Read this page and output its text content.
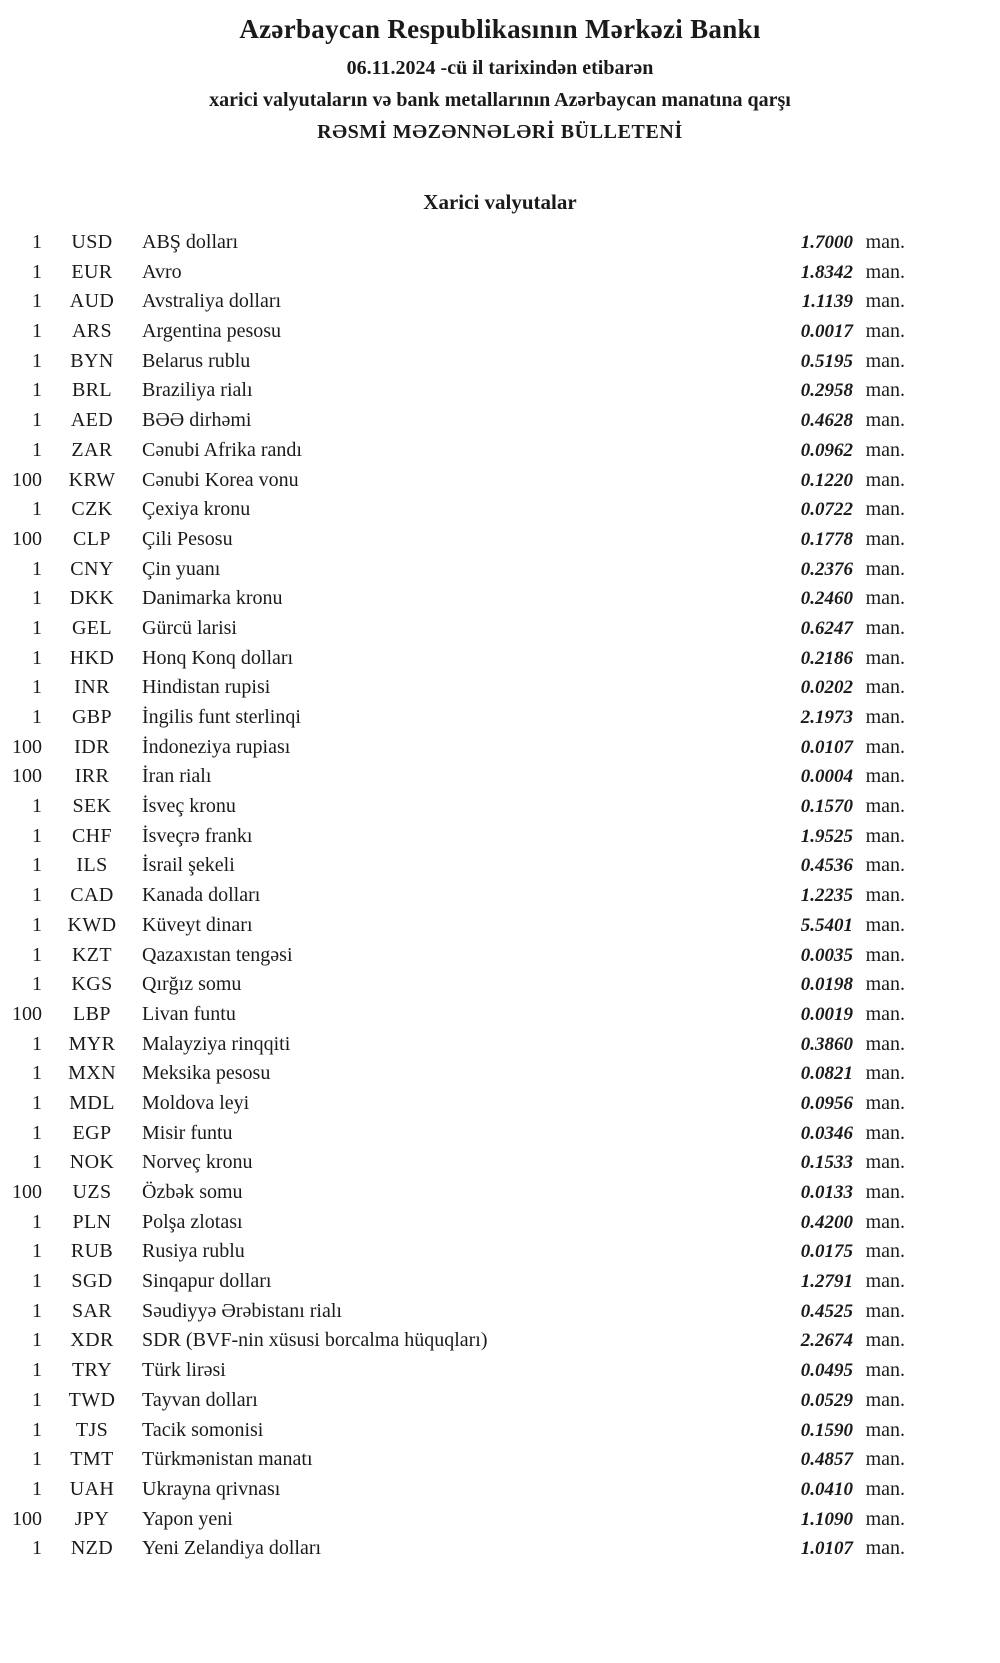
Azərbaycan Respublikasının Mərkəzi Bankı
06.11.2024 -cü il tarixindən etibarən
xarici valyutaların və bank metallarının Azərbaycan manatına qarşı
RƏSMİ MƏZƏNNƏLƏRİ BÜLLETENİ
Xarici valyutalar
1	USD	ABŞ dolları	1.7000 man.
1	EUR	Avro	1.8342 man.
1	AUD	Avstraliya dolları	1.1139 man.
1	ARS	Argentina pesosu	0.0017 man.
1	BYN	Belarus rublu	0.5195 man.
1	BRL	Braziliya rialı	0.2958 man.
1	AED	BƏƏ dirhəmi	0.4628 man.
1	ZAR	Cənubi Afrika randı	0.0962 man.
100	KRW	Cənubi Korea vonu	0.1220 man.
1	CZK	Çexiya kronu	0.0722 man.
100	CLP	Çili Pesosu	0.1778 man.
1	CNY	Çin yuanı	0.2376 man.
1	DKK	Danimarka kronu	0.2460 man.
1	GEL	Gürcü larisi	0.6247 man.
1	HKD	Honq Konq dolları	0.2186 man.
1	INR	Hindistan rupisi	0.0202 man.
1	GBP	İngilis funt sterlinqi	2.1973 man.
100	IDR	İndoneziya rupiası	0.0107 man.
100	IRR	İran rialı	0.0004 man.
1	SEK	İsveç kronu	0.1570 man.
1	CHF	İsveçrə frankı	1.9525 man.
1	ILS	İsrail şekeli	0.4536 man.
1	CAD	Kanada dolları	1.2235 man.
1	KWD	Küveyt dinarı	5.5401 man.
1	KZT	Qazaxıstan tengəsi	0.0035 man.
1	KGS	Qırğız somu	0.0198 man.
100	LBP	Livan funtu	0.0019 man.
1	MYR	Malayziya rinqqiti	0.3860 man.
1	MXN	Meksika pesosu	0.0821 man.
1	MDL	Moldova leyi	0.0956 man.
1	EGP	Misir funtu	0.0346 man.
1	NOK	Norveç kronu	0.1533 man.
100	UZS	Özbək somu	0.0133 man.
1	PLN	Polşa zlotası	0.4200 man.
1	RUB	Rusiya rublu	0.0175 man.
1	SGD	Sinqapur dolları	1.2791 man.
1	SAR	Səudiyyə Ərəbistanı rialı	0.4525 man.
1	XDR	SDR (BVF-nin xüsusi borcalma hüquqları)	2.2674 man.
1	TRY	Türk lirəsi	0.0495 man.
1	TWD	Tayvan dolları	0.0529 man.
1	TJS	Tacik somonisi	0.1590 man.
1	TMT	Türkmənistan manatı	0.4857 man.
1	UAH	Ukrayna qrivnası	0.0410 man.
100	JPY	Yapon yeni	1.1090 man.
1	NZD	Yeni Zelandiya dolları	1.0107 man.
